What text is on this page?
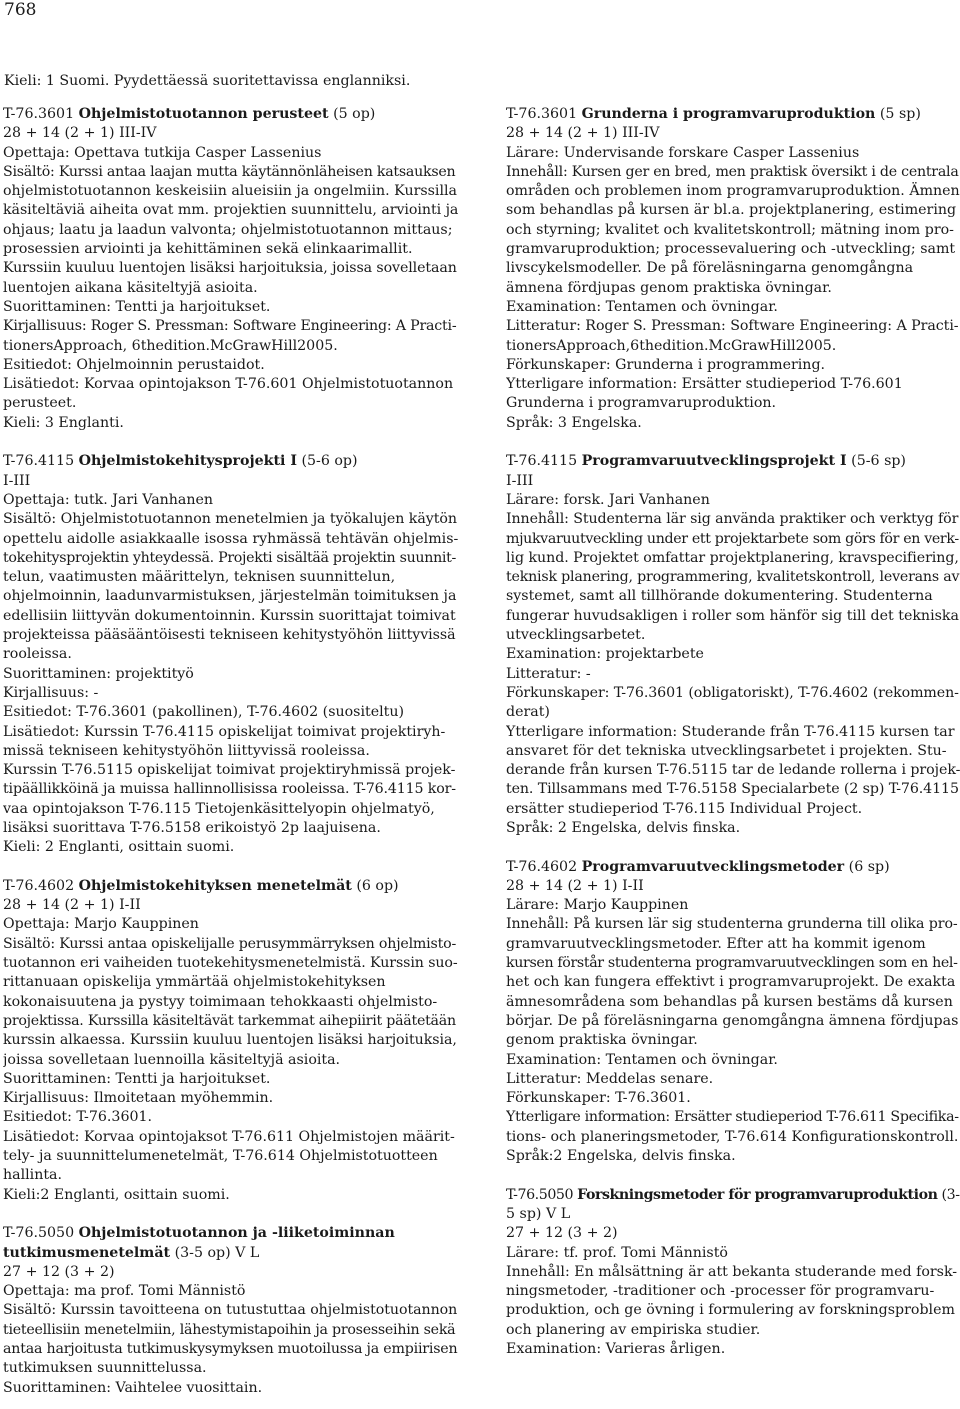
768
Kieli: 1 Suomi. Pyydettäessä suoritettavissa englanniksi.
T-76.3601 Ohjelmistotuotannon perusteet (5 op)
28 + 14 (2 + 1) III-IV
Opettaja: Opettava tutkija Casper Lassenius
Sisältö: Kurssi antaa laajan mutta käytännönläheisen katsauksen
ohjelmistotuotannon keskeisiin alueisiin ja ongelmiin. Kurssilla
käsiteltäviä aiheita ovat mm. projektien suunnittelu, arviointi ja
ohjaus; laatu ja laadun valvonta; ohjelmistotuotannon mittaus;
prosessien arviointi ja kehittäminen sekä elinkaarimallit.
Kurssiin kuuluu luentojen lisäksi harjoituksia, joissa sovelletaan
luentojen aikana käsiteltyjä asioita.
Suorittaminen: Tentti ja harjoitukset.
Kirjallisuus: Roger S. Pressman: Software Engineering: A Practi-
tionersApproach, 6thedition.McGrawHill2005.
Esitiedot: Ohjelmoinnin perustaidot.
Lisätiedot: Korvaa opintojakson T-76.601 Ohjelmistotuotannon
perusteet.
Kieli: 3 Englanti.
T-76.4115 Ohjelmistokehitysprojekti I (5-6 op)
I-III
Opettaja: tutk. Jari Vanhanen
Sisältö: Ohjelmistotuotannon menetelmien ja työkalujen käytön
opettelu aidolle asiakkaalle isossa ryhmässä tehtävän ohjelmis-
tokehitysprojektin yhteydessä. Projekti sisältää projektin suunnit-
telun, vaatimusten määrittelyn, teknisen suunnittelun,
ohjelmoinnin, laadunvarmistuksen, järjestelmän toimituksen ja
edellisiin liittyvän dokumentoinnin. Kurssin suorittajat toimivat
projekteissa pääsääntöisesti tekniseen kehitystyöhön liittyvissä
rooleissa.
Suorittaminen: projektityö
Kirjallisuus: -
Esitiedot: T-76.3601 (pakollinen), T-76.4602 (suositeltu)
Lisätiedot: Kurssin T-76.4115 opiskelijat toimivat projektiryh-
missä tekniseen kehitystyöhön liittyvissä rooleissa.
Kurssin T-76.5115 opiskelijat toimivat projektiryhmissä projek-
tipäällikköinä ja muissa hallinnollisissa rooleissa. T-76.4115 kor-
vaa opintojakson T-76.115 Tietojenkäsittelyopin ohjelmatyö,
lisäksi suorittava T-76.5158 erikoistyö 2p laajuisena.
Kieli: 2 Englanti, osittain suomi.
T-76.4602 Ohjelmistokehityksen menetelmät (6 op)
28 + 14 (2 + 1) I-II
Opettaja: Marjo Kauppinen
Sisältö: Kurssi antaa opiskelijalle perusymmärryksen ohjelmisto-
tuotannon eri vaiheiden tuotekehitysmenetelmistä. Kurssin suo-
rittanuaan opiskelija ymmärtää ohjelmistokehityksen
kokonaisuutena ja pystyy toimimaan tehokkaasti ohjelmisto-
projektissa. Kurssilla käsiteltävät tarkemmat aihepiirit päätetään
kurssin alkaessa. Kurssiin kuuluu luentojen lisäksi harjoituksia,
joissa sovelletaan luennoilla käsiteltyjä asioita.
Suorittaminen: Tentti ja harjoitukset.
Kirjallisuus: Ilmoitetaan myöhemmin.
Esitiedot: T-76.3601.
Lisätiedot: Korvaa opintojaksot T-76.611 Ohjelmistojen määrit-
tely- ja suunnittelumenetelmät, T-76.614 Ohjelmistotuotteen
hallinta.
Kieli:2 Englanti, osittain suomi.
T-76.5050 Ohjelmistotuotannon ja -liiketoiminnan
tutkimusmenetelmät (3-5 op) V L
27 + 12 (3 + 2)
Opettaja: ma prof. Tomi Männistö
Sisältö: Kurssin tavoitteena on tutustuttaa ohjelmistotuotannon
tieteellisiin menetelmiin, lähestymistapoihin ja prosesseihin sekä
antaa harjoitusta tutkimuskysymyksen muotoilussa ja empiirisen
tutkimuksen suunnittelussa.
Suorittaminen: Vaihtelee vuosittain.
T-76.3601 Grunderna i programvaruproduktion (5 sp)
28 + 14 (2 + 1) III-IV
Lärare: Undervisande forskare Casper Lassenius
Innehåll: Kursen ger en bred, men praktisk översikt i de centrala
områden och problemen inom programvaruproduktion. Ämnen
som behandlas på kursen är bl.a. projektplanering, estimering
och styrning; kvalitet och kvalitetskontroll; mätning inom pro-
gramvaruproduktion; processevaluering och -utveckling; samt
livscykelsmodeller. De på föreläsningarna genomgångna
ämnena fördjupas genom praktiska övningar.
Examination: Tentamen och övningar.
Litteratur: Roger S. Pressman: Software Engineering: A Practi-
tionersApproach,6thedition.McGrawHill2005.
Förkunskaper: Grunderna i programmering.
Ytterligare information: Ersätter studieperiod T-76.601
Grunderna i programvaruproduktion.
Språk: 3 Engelska.
T-76.4115 Programvaruutvecklingsprojekt I (5-6 sp)
I-III
Lärare: forsk. Jari Vanhanen
Innehåll: Studenterna lär sig använda praktiker och verktyg för
mjukvaruutveckling under ett projektarbete som görs för en verk-
lig kund. Projektet omfattar projektplanering, kravspecifiering,
teknisk planering, programmering, kvalitetskontroll, leverans av
systemet, samt all tillhörande dokumentering. Studenterna
fungerar huvudsakligen i roller som hänför sig till det tekniska
utvecklingsarbetet.
Examination: projektarbete
Litteratur: -
Förkunskaper: T-76.3601 (obligatoriskt), T-76.4602 (rekommen-
derat)
Ytterligare information: Studerande från T-76.4115 kursen tar
ansvaret för det tekniska utvecklingsarbetet i projekten. Stu-
derande från kursen T-76.5115 tar de ledande rollerna i projek-
ten. Tillsammans med T-76.5158 Specialarbete (2 sp) T-76.4115
ersätter studieperiod T-76.115 Individual Project.
Språk: 2 Engelska, delvis finska.
T-76.4602 Programvaruutvecklingsmetoder (6 sp)
28 + 14 (2 + 1) I-II
Lärare: Marjo Kauppinen
Innehåll: På kursen lär sig studenterna grunderna till olika pro-
gramvaruutvecklingsmetoder. Efter att ha kommit igenom
kursen förstår studenterna programvaruutvecklingen som en hel-
het och kan fungera effektivt i programvaruprojekt. De exakta
ämnesområdena som behandlas på kursen bestäms då kursen
börjar. De på föreläsningarna genomgångna ämnena fördjupas
genom praktiska övningar.
Examination: Tentamen och övningar.
Litteratur: Meddelas senare.
Förkunskaper: T-76.3601.
Ytterligare information: Ersätter studieperiod T-76.611 Specifika-
tions- och planeringsmetoder, T-76.614 Konfigurationskontroll.
Språk:2 Engelska, delvis finska.
T-76.5050 Forskningsmetoder för programvaruproduktion (3-
5 sp) V L
27 + 12 (3 + 2)
Lärare: tf. prof. Tomi Männistö
Innehåll: En målsättning är att bekanta studerande med forsk-
ningsmetoder, -traditioner och -processer för programvaru-
produktion, och ge övning i formulering av forskningsproblem
och planering av empiriska studier.
Examination: Varieras årligen.
